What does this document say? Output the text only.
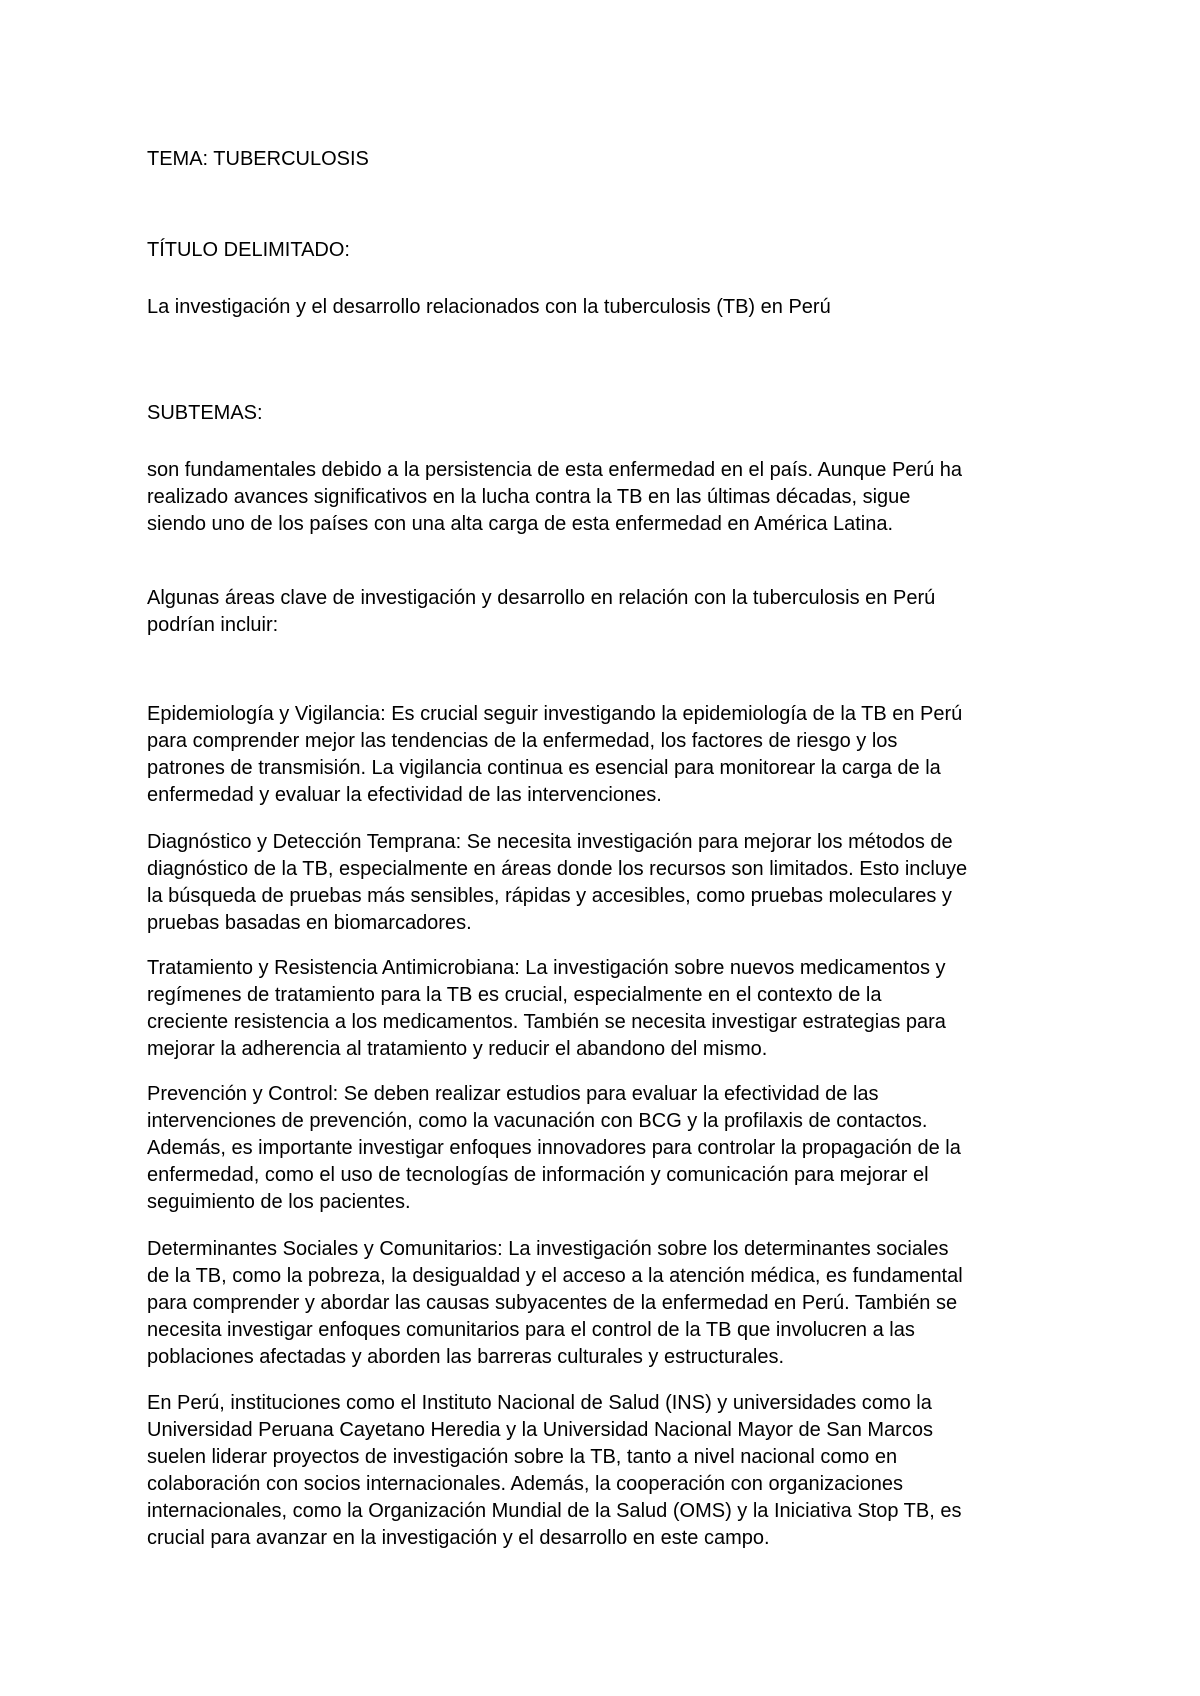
TEMA: TUBERCULOSIS

TÍTULO DELIMITADO:

La investigación y el desarrollo relacionados con la tuberculosis (TB) en Perú

SUBTEMAS:

son fundamentales debido a la persistencia de esta enfermedad en el país. Aunque Perú ha
realizado avances significativos en la lucha contra la TB en las últimas décadas, sigue
siendo uno de los países con una alta carga de esta enfermedad en América Latina.

Algunas áreas clave de investigación y desarrollo en relación con la tuberculosis en Perú
podrían incluir:

Epidemiología y Vigilancia: Es crucial seguir investigando la epidemiología de la TB en Perú
para comprender mejor las tendencias de la enfermedad, los factores de riesgo y los
patrones de transmisión. La vigilancia continua es esencial para monitorear la carga de la
enfermedad y evaluar la efectividad de las intervenciones.

Diagnóstico y Detección Temprana: Se necesita investigación para mejorar los métodos de
diagnóstico de la TB, especialmente en áreas donde los recursos son limitados. Esto incluye
la búsqueda de pruebas más sensibles, rápidas y accesibles, como pruebas moleculares y
pruebas basadas en biomarcadores.

Tratamiento y Resistencia Antimicrobiana: La investigación sobre nuevos medicamentos y
regímenes de tratamiento para la TB es crucial, especialmente en el contexto de la
creciente resistencia a los medicamentos. También se necesita investigar estrategias para
mejorar la adherencia al tratamiento y reducir el abandono del mismo.

Prevención y Control: Se deben realizar estudios para evaluar la efectividad de las
intervenciones de prevención, como la vacunación con BCG y la profilaxis de contactos.
Además, es importante investigar enfoques innovadores para controlar la propagación de la
enfermedad, como el uso de tecnologías de información y comunicación para mejorar el
seguimiento de los pacientes.

Determinantes Sociales y Comunitarios: La investigación sobre los determinantes sociales
de la TB, como la pobreza, la desigualdad y el acceso a la atención médica, es fundamental
para comprender y abordar las causas subyacentes de la enfermedad en Perú. También se
necesita investigar enfoques comunitarios para el control de la TB que involucren a las
poblaciones afectadas y aborden las barreras culturales y estructurales.

En Perú, instituciones como el Instituto Nacional de Salud (INS) y universidades como la
Universidad Peruana Cayetano Heredia y la Universidad Nacional Mayor de San Marcos
suelen liderar proyectos de investigación sobre la TB, tanto a nivel nacional como en
colaboración con socios internacionales. Además, la cooperación con organizaciones
internacionales, como la Organización Mundial de la Salud (OMS) y la Iniciativa Stop TB, es
crucial para avanzar en la investigación y el desarrollo en este campo.
